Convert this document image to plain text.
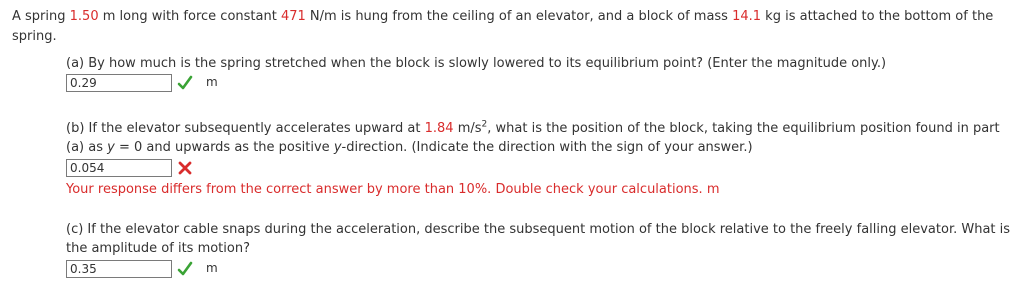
A spring 1.50 m long with force constant 471 N/m is hung from the ceiling of an elevator, and a block of mass 14.1 kg is attached to the bottom of the spring.
(a) By how much is the spring stretched when the block is slowly lowered to its equilibrium point? (Enter the magnitude only.)
0.29	m
(b) If the elevator subsequently accelerates upward at 1.84 $m/s^2$, what is the position of the block, taking the equilibrium position found in part (a) as y = 0 and upwards as the positive y-direction. (Indicate the direction with the sign of your answer.)
0.054
Your response differs from the correct answer by more than 10%. Double check your calculations. m
(c) If the elevator cable snaps during the acceleration, describe the subsequent motion of the block relative to the freely falling elevator. What is the amplitude of its motion?
0.35	m
